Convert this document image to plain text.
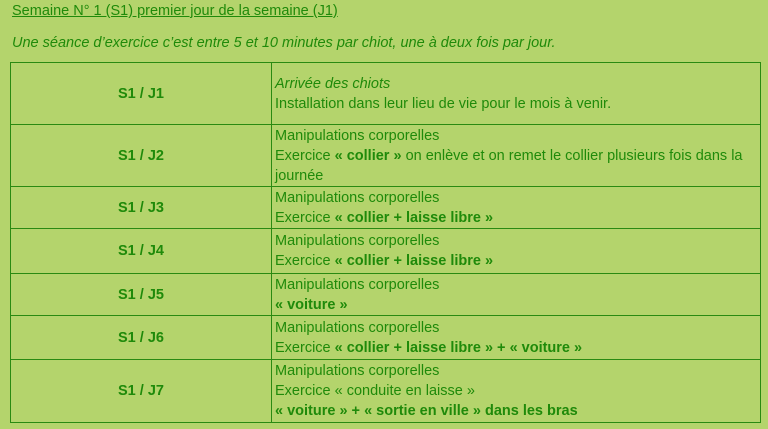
Semaine N° 1 (S1) premier jour de la semaine (J1)
Une séance d’exercice c’est entre 5 et 10 minutes par chiot, une à deux fois par jour.
S1 / J1	Arrivée des chiots
Installation dans leur lieu de vie pour le mois à venir.

S1 / J2	Manipulations corporelles
Exercice « collier » on enlève et on remet le collier plusieurs fois dans la journée

S1 / J3	Manipulations corporelles
Exercice « collier + laisse libre »

S1 / J4	Manipulations corporelles
Exercice « collier + laisse libre »

S1 / J5	Manipulations corporelles
« voiture »

S1 / J6	Manipulations corporelles
Exercice « collier + laisse libre » + « voiture »

S1 / J7	Manipulations corporelles
Exercice « conduite en laisse »
« voiture » + « sortie en ville » dans les bras
